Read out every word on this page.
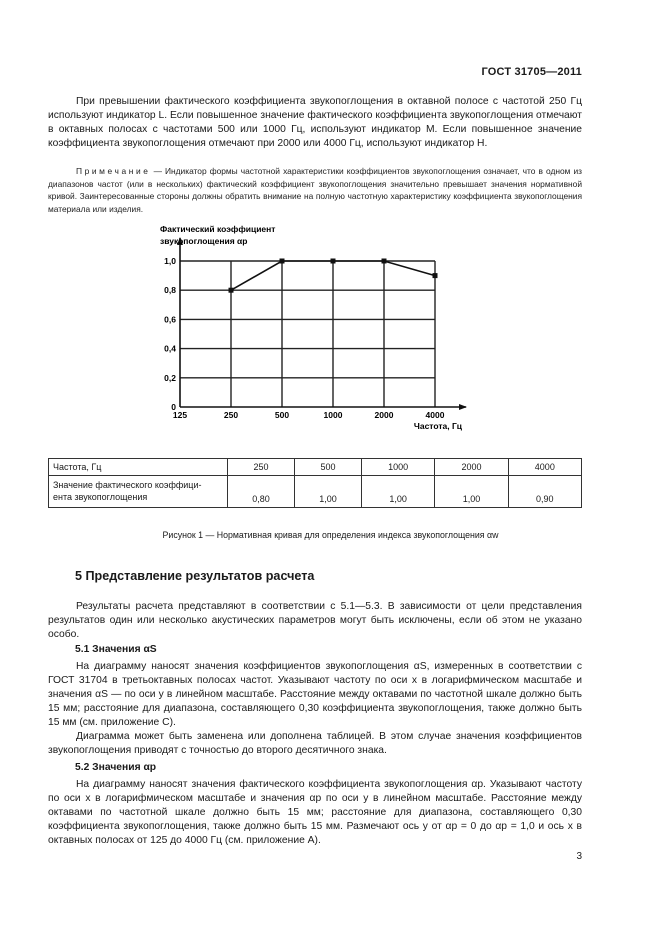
ГОСТ 31705—2011

При превышении фактического коэффициента звукопоглощения в октавной полосе с частотой 250 Гц используют индикатор L. Если повышенное значение фактического коэффициента звукопоглощения отмечают в октавных полосах с частотами 500 или 1000 Гц, используют индикатор M. Если повышенное значение коэффициента звукопоглощения отмечают при 2000 или 4000 Гц, используют индикатор H.

Примечание — Индикатор формы частотной характеристики коэффициентов звукопоглощения означает, что в одном из диапазонов частот (или в нескольких) фактический коэффициент звукопоглощения значительно превышает значения нормативной кривой. Заинтересованные стороны должны обратить внимание на полную частотную характеристику коэффициента звукопоглощения материала или изделия.

Фактический коэффициент
звукопоглощения αp
Частота, Гц
0
0,2
0,4
0,6
0,8
1,0
125	250	500	1000	2000	4000
Частота, Гц	250	500	1000	2000	4000
Значение фактического коэффици-
ента звукопоглощения	0,80	1,00	1,00	1,00	0,90
Рисунок 1 — Нормативная кривая для определения индекса звукопоглощения αw
5 Представление результатов расчета

Результаты расчета представляют в соответствии с 5.1—5.3. В зависимости от цели представления результатов один или несколько акустических параметров могут быть исключены, если об этом не указано особо.

5.1 Значения αS

На диаграмму наносят значения коэффициентов звукопоглощения αS, измеренных в соответствии с ГОСТ 31704 в третьоктавных полосах частот. Указывают частоту по оси x в логарифмическом масштабе и значения αS — по оси y в линейном масштабе. Расстояние между октавами по частотной шкале должно быть 15 мм; расстояние для диапазона, составляющего 0,30 коэффициента звукопоглощения, также должно быть 15 мм (см. приложение С).

Диаграмма может быть заменена или дополнена таблицей. В этом случае значения коэффициентов звукопоглощения приводят с точностью до второго десятичного знака.

5.2 Значения αp

На диаграмму наносят значения фактического коэффициента звукопоглощения αp. Указывают частоту по оси x в логарифмическом масштабе и значения αp по оси y в линейном масштабе. Расстояние между октавами по частотной шкале должно быть 15 мм; расстояние для диапазона, составляющего 0,30 коэффициента звукопоглощения, также должно быть 15 мм. Размечают ось y от αp = 0 до αp = 1,0 и ось x в октавных полосах от 125 до 4000 Гц (см. приложение А).

3
